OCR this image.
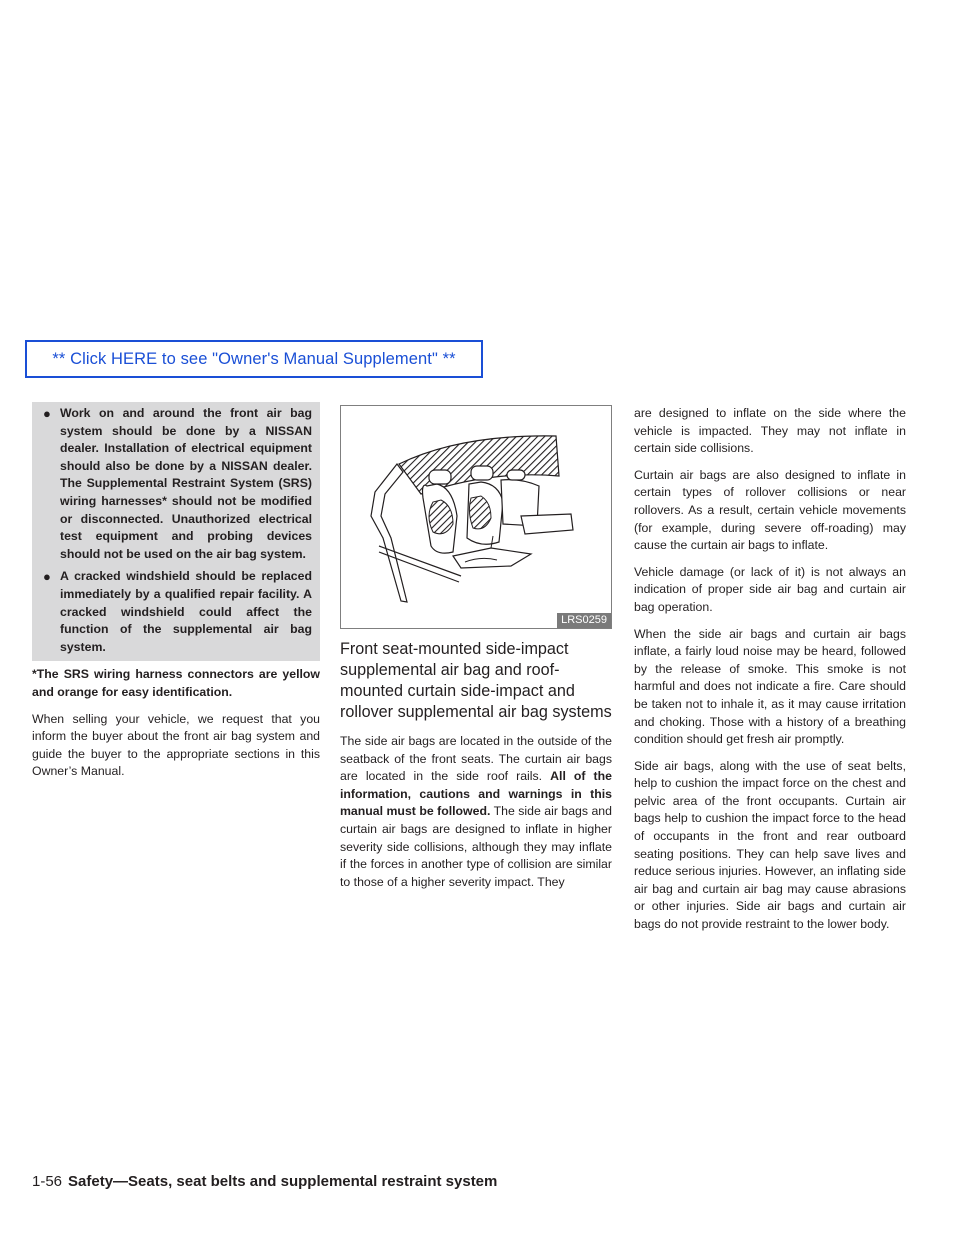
** Click HERE to see "Owner's Manual Supplement" **
● Work on and around the front air bag system should be done by a NISSAN dealer. Installation of electrical equipment should also be done by a NISSAN dealer. The Supplemental Restraint System (SRS) wiring harnesses* should not be modified or disconnected. Unauthorized electrical test equipment and probing devices should not be used on the air bag system.
● A cracked windshield should be replaced immediately by a qualified repair facility. A cracked windshield could affect the function of the supplemental air bag system.

*The SRS wiring harness connectors are yellow and orange for easy identification.

When selling your vehicle, we request that you inform the buyer about the front air bag system and guide the buyer to the appropriate sections in this Owner’s Manual.

LRS0259
Front seat-mounted side-impact supplemental air bag and roof-mounted curtain side-impact and rollover supplemental air bag systems

The side air bags are located in the outside of the seatback of the front seats. The curtain air bags are located in the side roof rails. All of the information, cautions and warnings in this manual must be followed. The side air bags and curtain air bags are designed to inflate in higher severity side collisions, although they may inflate if the forces in another type of collision are similar to those of a higher severity impact. They

are designed to inflate on the side where the vehicle is impacted. They may not inflate in certain side collisions.

Curtain air bags are also designed to inflate in certain types of rollover collisions or near rollovers. As a result, certain vehicle movements (for example, during severe off-roading) may cause the curtain air bags to inflate.

Vehicle damage (or lack of it) is not always an indication of proper side air bag and curtain air bag operation.

When the side air bags and curtain air bags inflate, a fairly loud noise may be heard, followed by the release of smoke. This smoke is not harmful and does not indicate a fire. Care should be taken not to inhale it, as it may cause irritation and choking. Those with a history of a breathing condition should get fresh air promptly.

Side air bags, along with the use of seat belts, help to cushion the impact force on the chest and pelvic area of the front occupants. Curtain air bags help to cushion the impact force to the head of occupants in the front and rear outboard seating positions. They can help save lives and reduce serious injuries. However, an inflating side air bag and curtain air bag may cause abrasions or other injuries. Side air bags and curtain air bags do not provide restraint to the lower body.

1-56 Safety—Seats, seat belts and supplemental restraint system
